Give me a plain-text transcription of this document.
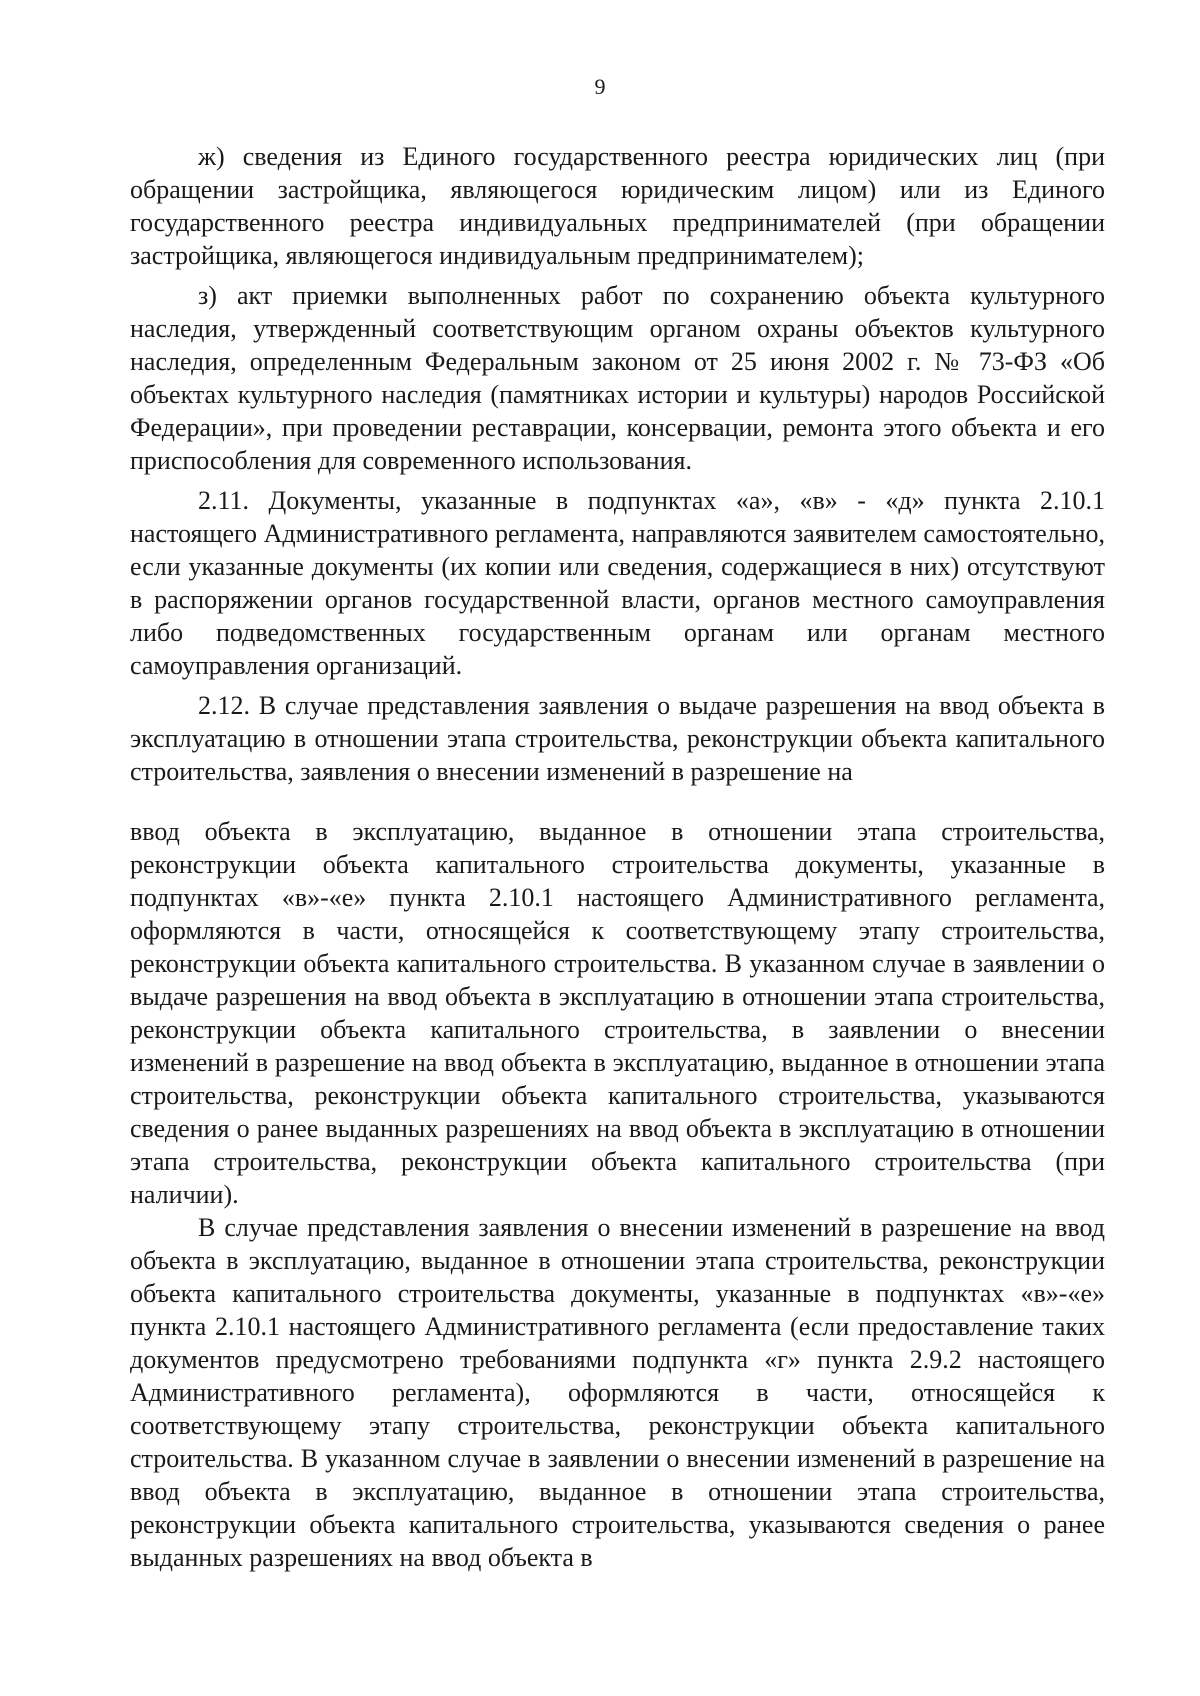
9

ж) сведения из Единого государственного реестра юридических лиц (при обращении застройщика, являющегося юридическим лицом) или из Единого государственного реестра индивидуальных предпринимателей (при обращении застройщика, являющегося индивидуальным предпринимателем);

з) акт приемки выполненных работ по сохранению объекта культурного наследия, утвержденный соответствующим органом охраны объектов культурного наследия, определенным Федеральным законом от 25 июня 2002 г. № 73-ФЗ «Об объектах культурного наследия (памятниках истории и культуры) народов Российской Федерации», при проведении реставрации, консервации, ремонта этого объекта и его приспособления для современного использования.

2.11. Документы, указанные в подпунктах «а», «в» - «д» пункта 2.10.1 настоящего Административного регламента, направляются заявителем самостоятельно, если указанные документы (их копии или сведения, содержащиеся в них) отсутствуют в распоряжении органов государственной власти, органов местного самоуправления либо подведомственных государственным органам или органам местного самоуправления организаций.

2.12. В случае представления заявления о выдаче разрешения на ввод объекта в эксплуатацию в отношении этапа строительства, реконструкции объекта капитального строительства, заявления о внесении изменений в разрешение на

ввод объекта в эксплуатацию, выданное в отношении этапа строительства, реконструкции объекта капитального строительства документы, указанные в подпунктах «в»-«е» пункта 2.10.1 настоящего Административного регламента, оформляются в части, относящейся к соответствующему этапу строительства, реконструкции объекта капитального строительства. В указанном случае в заявлении о выдаче разрешения на ввод объекта в эксплуатацию в отношении этапа строительства, реконструкции объекта капитального строительства, в заявлении о внесении изменений в разрешение на ввод объекта в эксплуатацию, выданное в отношении этапа строительства, реконструкции объекта капитального строительства, указываются сведения о ранее выданных разрешениях на ввод объекта в эксплуатацию в отношении этапа строительства, реконструкции объекта капитального строительства (при наличии).

В случае представления заявления о внесении изменений в разрешение на ввод объекта в эксплуатацию, выданное в отношении этапа строительства, реконструкции объекта капитального строительства документы, указанные в подпунктах «в»-«е» пункта 2.10.1 настоящего Административного регламента (если предоставление таких документов предусмотрено требованиями подпункта «г» пункта 2.9.2 настоящего Административного регламента), оформляются в части, относящейся к соответствующему этапу строительства, реконструкции объекта капитального строительства. В указанном случае в заявлении о внесении изменений в разрешение на ввод объекта в эксплуатацию, выданное в отношении этапа строительства, реконструкции объекта капитального строительства, указываются сведения о ранее выданных разрешениях на ввод объекта в
